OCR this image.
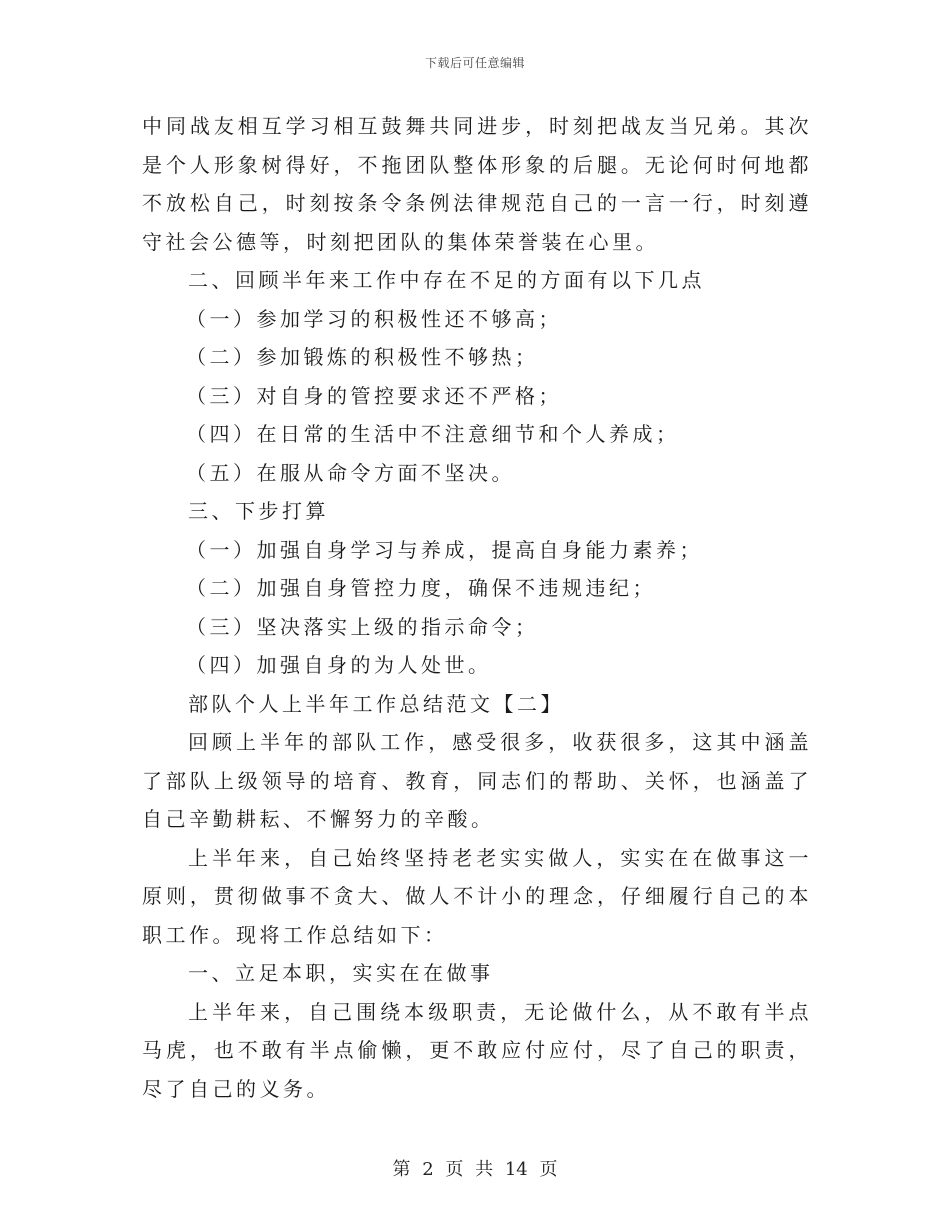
下载后可任意编辑

中同战友相互学习相互鼓舞共同进步，时刻把战友当兄弟。其次是个人形象树得好，不拖团队整体形象的后腿。无论何时何地都不放松自己，时刻按条令条例法律规范自己的一言一行，时刻遵守社会公德等，时刻把团队的集体荣誉装在心里。

二、回顾半年来工作中存在不足的方面有以下几点

（一）参加学习的积极性还不够高；

（二）参加锻炼的积极性不够热；

（三）对自身的管控要求还不严格；

（四）在日常的生活中不注意细节和个人养成；

（五）在服从命令方面不坚决。

三、下步打算

（一）加强自身学习与养成，提高自身能力素养；

（二）加强自身管控力度，确保不违规违纪；

（三）坚决落实上级的指示命令；

（四）加强自身的为人处世。

部队个人上半年工作总结范文【二】

回顾上半年的部队工作，感受很多，收获很多，这其中涵盖了部队上级领导的培育、教育，同志们的帮助、关怀，也涵盖了自己辛勤耕耘、不懈努力的辛酸。

上半年来，自己始终坚持老老实实做人，实实在在做事这一原则，贯彻做事不贪大、做人不计小的理念，仔细履行自己的本职工作。现将工作总结如下：

一、立足本职，实实在在做事

上半年来，自己围绕本级职责，无论做什么，从不敢有半点马虎，也不敢有半点偷懒，更不敢应付应付，尽了自己的职责，尽了自己的义务。

第 2 页 共 14 页
